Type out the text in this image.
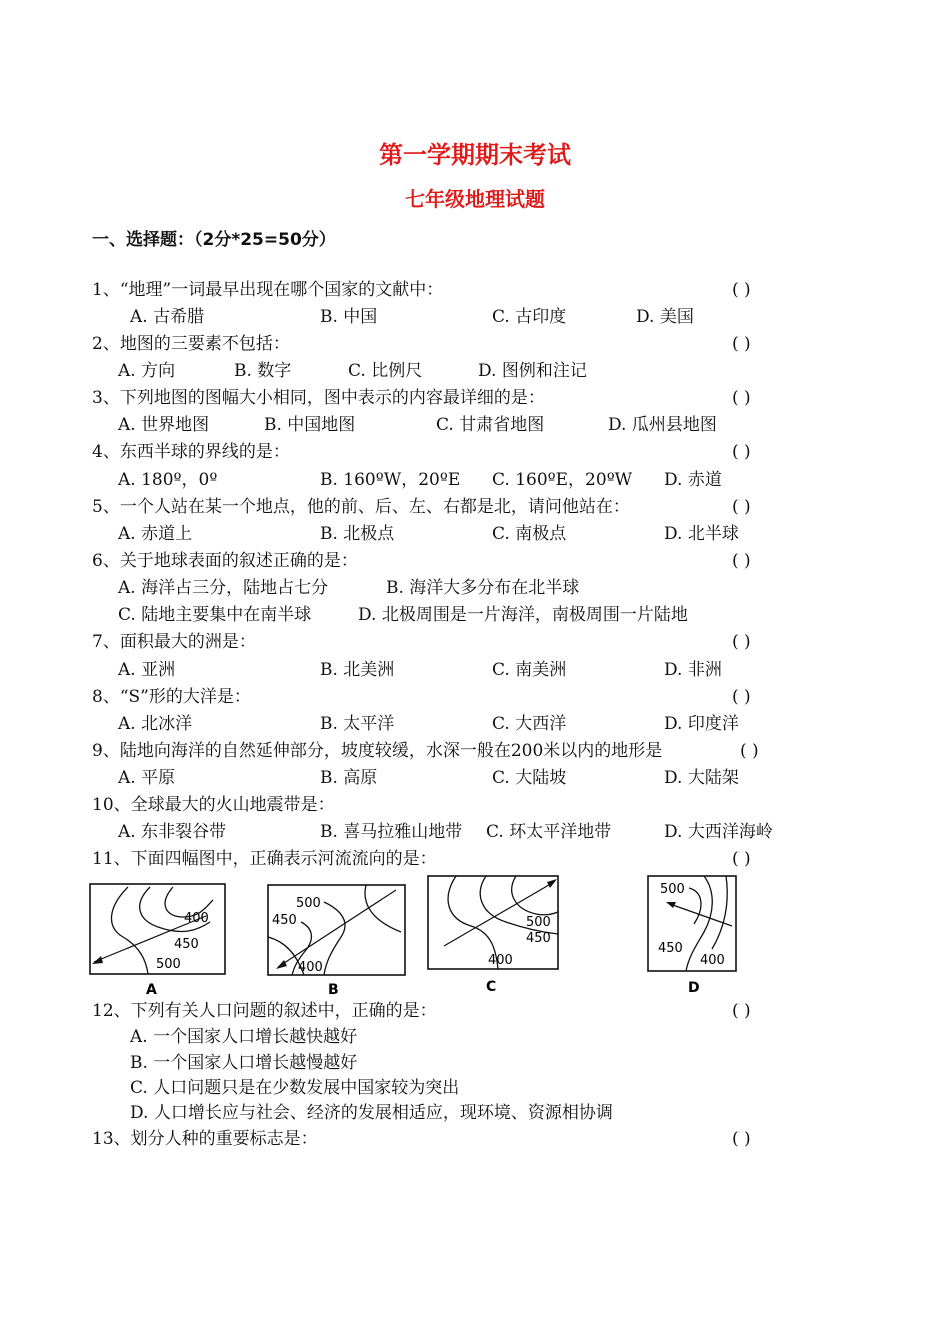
第一学期期末考试
七年级地理试题
一、选择题：（2分*25=50分）
1、“地理”一词最早出现在哪个国家的文献中：	( )
A. 古希腊	B. 中国	C. 古印度	D. 美国
2、地图的三要素不包括：	( )
A. 方向	B. 数字	C. 比例尺	D. 图例和注记
3、下列地图的图幅大小相同，图中表示的内容最详细的是：	( )
A. 世界地图	B. 中国地图	C. 甘肃省地图	D. 瓜州县地图
4、东西半球的界线的是：	( )
A. 180º，0º	B. 160ºW，20ºE C. 160ºE，20ºW D. 赤道
5、一个人站在某一个地点，他的前、后、左、右都是北，请问他站在：	( )
A. 赤道上	B. 北极点	C. 南极点	D. 北半球
6、关于地球表面的叙述正确的是：	( )
A. 海洋占三分，陆地占七分	B. 海洋大多分布在北半球
C. 陆地主要集中在南半球	D. 北极周围是一片海洋，南极周围一片陆地
7、面积最大的洲是：	( )
A. 亚洲	B. 北美洲	C. 南美洲	D. 非洲
8、“S”形的大洋是：	( )
A. 北冰洋	B. 太平洋	C. 大西洋	D. 印度洋
9、陆地向海洋的自然延伸部分，坡度较缓，水深一般在200米以内的地形是	( )
A. 平原	B. 高原	C. 大陆坡	D. 大陆架
10、全球最大的火山地震带是：
A. 东非裂谷带	B. 喜马拉雅山地带 C. 环太平洋地带	D. 大西洋海岭
11、下面四幅图中，正确表示河流流向的是：	( )
400
450
500
A
500
450
400
B
500
450
400
C
500
450
400
D
12、下列有关人口问题的叙述中，正确的是：	( )
A. 一个国家人口增长越快越好
B. 一个国家人口增长越慢越好
C. 人口问题只是在少数发展中国家较为突出
D. 人口增长应与社会、经济的发展相适应，现环境、资源相协调
13、划分人种的重要标志是：	( )
